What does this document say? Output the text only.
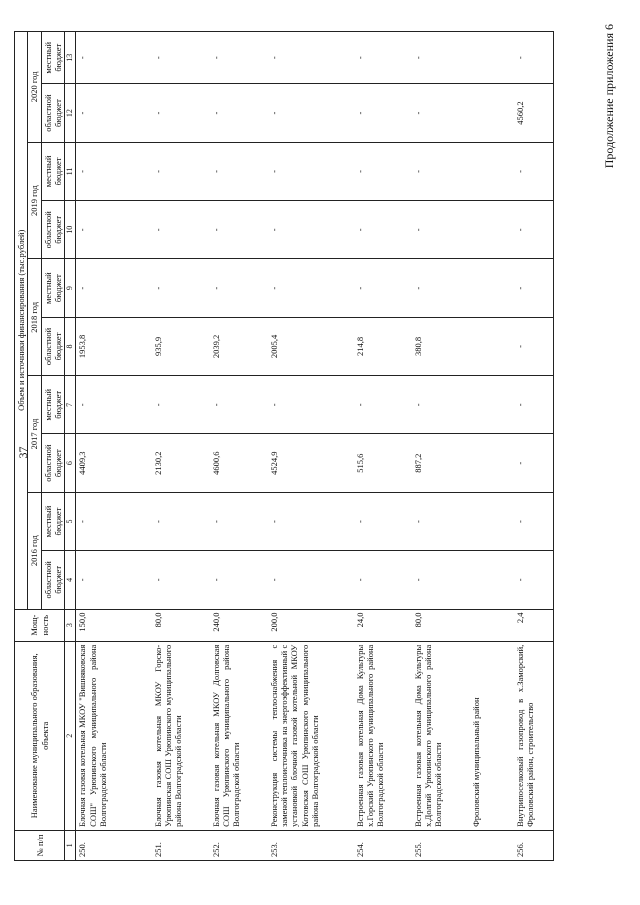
37
№ п/п	Наименование муниципального образования, объекта	Мощ-ность	Объем и источники финансирования (тыс.рублей)									
			2016 год		2017 год		2018 год		2019 год		2020 год	
			областной бюджет	местный бюджет	областной бюджет	местный бюджет	областной бюджет	местный бюджет	областной бюджет	местный бюджет	областной бюджет	местный бюджет
1	2	3	4	5	6	7	8	9	10	11	12	13
250.	Блочная газовая котельная МКОУ "Вишняковская СОШ" Урюпинского муниципального района Волгоградской области	150,0	-	-	4409,3	-	1953,8	-	-	-	-	-
251.	Блочная газовая котельная МКОУ Горско-Урюпинская СОШ Урюпинского муниципального района Волгоградской области	80,0	-	-	2130,2	-	935,9	-	-	-	-	-
252.	Блочная газовая котельная МКОУ Долговская СОШ Урюпинского муниципального района Волгоградской области	240,0	-	-	4600,6	-	2039,2	-	-	-	-	-
253.	Реконструкция системы теплоснабжения с заменой теплоисточника на энергоэффективный с установкой блочной газовой котельной МКОУ Котовская СОШ Урюпинского муниципального района Волгоградской области	200,0	-	-	4524,9	-	2005,4	-	-	-	-	-
254.	Встроенная газовая котельная Дома Культуры х.Горский Урюпинского муниципального района Волгоградской области	24,0	-	-	515,6	-	214,8	-	-	-	-	-
255.	Встроенная газовая котельная Дома Культуры х.Долгий Урюпинского муниципального района Волгоградской области	80,0	-	-	887,2	-	380,8	-	-	-	-	-
	Фроловский муниципальный район											
256.	Внутрипоселковый газопровод в х.Заморский, Фроловский район, строительство	2,4	-	-	-	-	-	-	-	-	4560,2	-	Продолжение приложения 6
